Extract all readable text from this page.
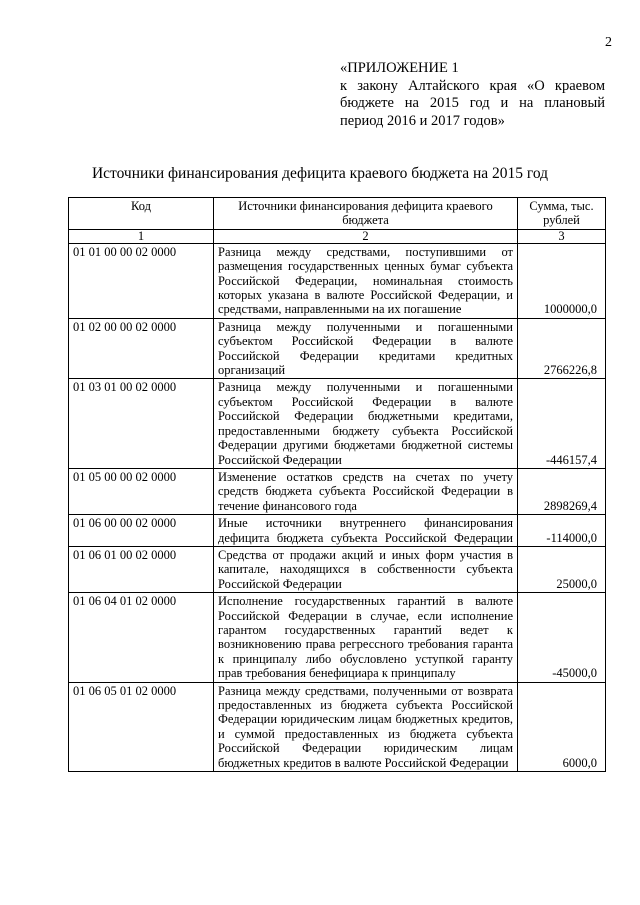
2
«ПРИЛОЖЕНИЕ 1
к закону Алтайского края «О краевом
бюджете на 2015 год и на плановый
период 2016 и 2017 годов»
Источники финансирования дефицита краевого бюджета на 2015 год
Код	Источники финансирования дефицита краевого бюджета	Сумма, тыс. рублей
1	2	3
01 01 00 00 02 0000	Разница между средствами, поступившими от размещения государственных ценных бумаг субъекта Российской Федерации, номинальная стоимость которых указана в валюте Российской Федерации, и средствами, направленными на их погашение	1000000,0
01 02 00 00 02 0000	Разница между полученными и погашенными субъектом Российской Федерации в валюте Российской Федерации кредитами кредитных организаций	2766226,8
01 03 01 00 02 0000	Разница между полученными и погашенными субъектом Российской Федерации в валюте Российской Федерации бюджетными кредитами, предоставленными бюджету субъекта Российской Федерации другими бюджетами бюджетной системы Российской Федерации	-446157,4
01 05 00 00 02 0000	Изменение остатков средств на счетах по учету средств бюджета субъекта Российской Федерации в течение финансового года	2898269,4
01 06 00 00 02 0000	Иные источники внутреннего финансирования дефицита бюджета субъекта Российской Федерации	-114000,0
01 06 01 00 02 0000	Средства от продажи акций и иных форм участия в капитале, находящихся в собственности субъекта Российской Федерации	25000,0
01 06 04 01 02 0000	Исполнение государственных гарантий в валюте Российской Федерации в случае, если исполнение гарантом государственных гарантий ведет к возникновению права регрессного требования гаранта к принципалу либо обусловлено уступкой гаранту прав требования бенефициара к принципалу	-45000,0
01 06 05 01 02 0000	Разница между средствами, полученными от возврата предоставленных из бюджета субъекта Российской Федерации юридическим лицам бюджетных кредитов, и суммой предоставленных из бюджета субъекта Российской Федерации юридическим лицам бюджетных кредитов в валюте Российской Федерации	6000,0
